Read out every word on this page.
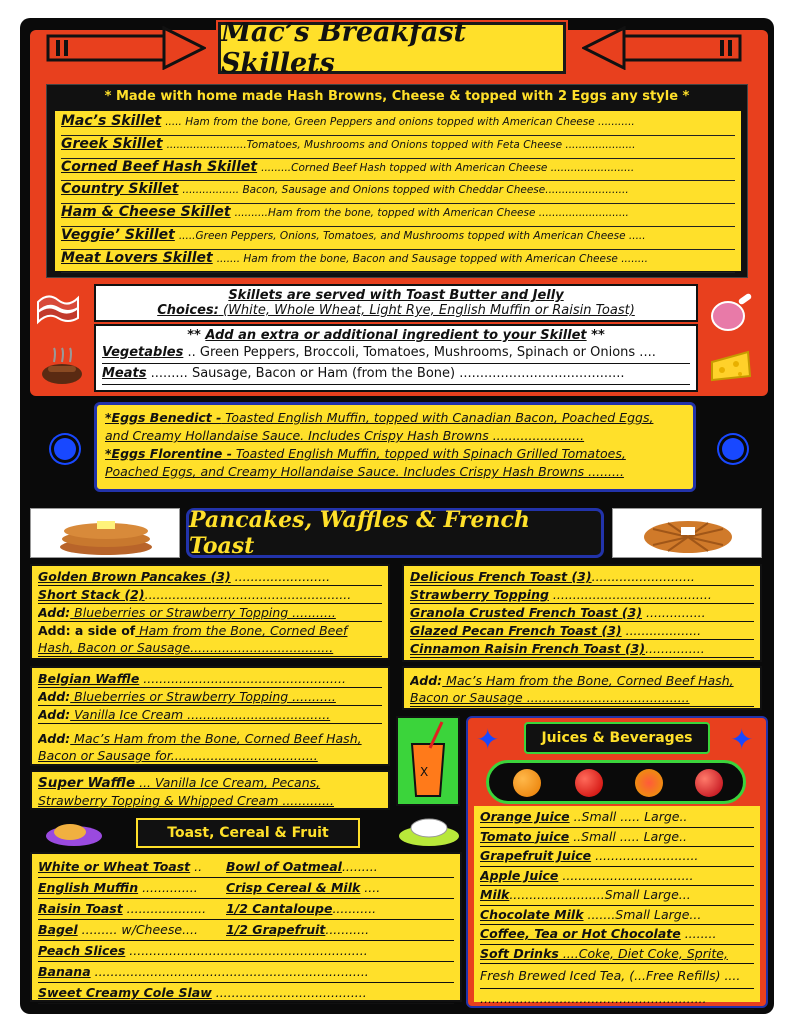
Mac’s Breakfast Skillets
* Made with home made Hash Browns, Cheese & topped with 2 Eggs any style *
Mac’s Skillet ..... Ham from the bone, Green Peppers and onions topped with American Cheese ...........
Greek Skillet ........................Tomatoes, Mushrooms and Onions topped with Feta Cheese .....................
Corned Beef Hash Skillet .........Corned Beef Hash topped with American Cheese .........................
Country Skillet ................. Bacon, Sausage and Onions topped with Cheddar Cheese.........................
Ham & Cheese Skillet ..........Ham from the bone, topped with American Cheese ...........................
Veggie’ Skillet .....Green Peppers, Onions, Tomatoes, and Mushrooms topped with American Cheese .....
Meat Lovers Skillet ....... Ham from the bone, Bacon and Sausage topped with American Cheese ........
Skillets are served with Toast Butter and Jelly
Choices: (White, Whole Wheat, Light Rye, English Muffin or Raisin Toast)
** Add an extra or additional ingredient to your Skillet **
Vegetables .. Green Peppers, Broccoli, Tomatoes, Mushrooms, Spinach or Onions ....
Meats ......... Sausage, Bacon or Ham (from the Bone) ........................................
*Eggs Benedict - Toasted English Muffin, topped with Canadian Bacon, Poached Eggs,
and Creamy Hollandaise Sauce. Includes Crispy Hash Browns .......................
*Eggs Florentine - Toasted English Muffin, topped with Spinach Grilled Tomatoes,
Poached Eggs, and Creamy Hollandaise Sauce. Includes Crispy Hash Browns .........
Pancakes, Waffles & French Toast
Golden Brown Pancakes (3) ........................
Short Stack (2)....................................................
Add: Blueberries or Strawberry Topping ...........
Add: a side of Ham from the Bone, Corned Beef
Hash, Bacon or Sausage....................................
Belgian Waffle ...................................................
Add: Blueberries or Strawberry Topping ...........
Add: Vanilla Ice Cream ....................................
Add: Mac’s Ham from the Bone, Corned Beef Hash,
Bacon or Sausage for.....................................
Super Waffle ... Vanilla Ice Cream, Pecans,
Strawberry Topping & Whipped Cream .............
Delicious French Toast (3)..........................
Strawberry Topping ........................................
Granola Crusted French Toast (3) ...............
Glazed Pecan French Toast (3) ...................
Cinnamon Raisin French Toast (3)...............
Add: Mac’s Ham from the Bone, Corned Beef Hash,
Bacon or Sausage .........................................
X
✦	✦
Juices & Beverages
Orange Juice ..Small ..... Large..
Tomato juice ..Small ..... Large..
Grapefruit Juice ..........................
Apple Juice .................................
Milk........................Small Large...
Chocolate Milk .......Small Large...
Coffee, Tea or Hot Chocolate ........
Soft Drinks ....Coke, Diet Coke, Sprite,
Fresh Brewed Iced Tea, (...Free Refills) ....
.........................................................
Toast, Cereal & Fruit
White or Wheat Toast ..	Bowl of Oatmeal.........
English Muffin ..............	Crisp Cereal & Milk ....
Raisin Toast ....................	1/2 Cantaloupe...........
Bagel ......... w/Cheese....	1/2 Grapefruit...........
Peach Slices ............................................................
Banana .....................................................................
Sweet Creamy Cole Slaw ......................................
